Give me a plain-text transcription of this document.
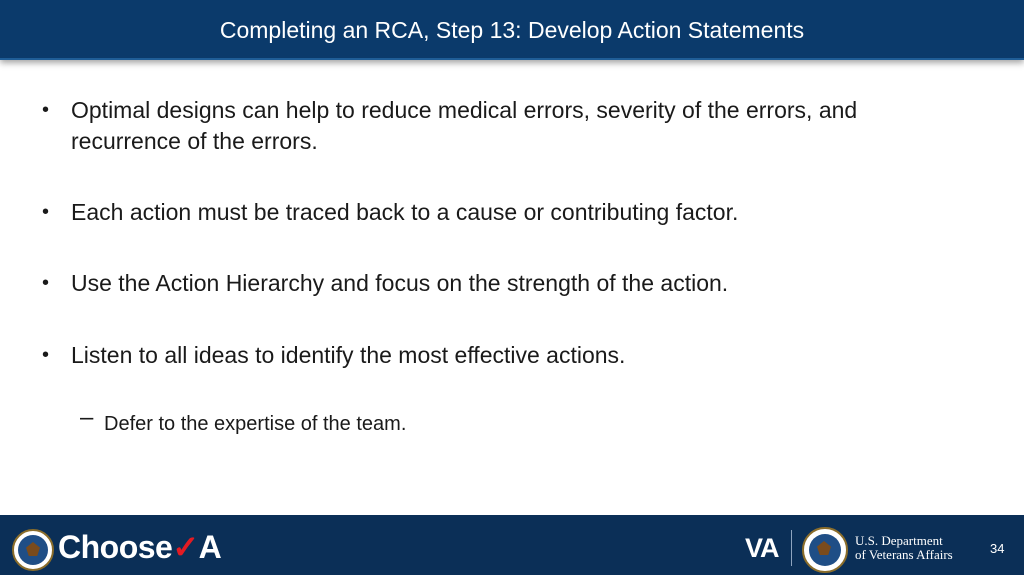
Completing an RCA, Step 13: Develop Action Statements
• Optimal designs can help to reduce medical errors, severity of the errors, and recurrence of the errors.
• Each action must be traced back to a cause or contributing factor.
• Use the Action Hierarchy and focus on the strength of the action.
• Listen to all ideas to identify the most effective actions.
– Defer to the expertise of the team.
Choose✓A	VA	U.S. Department
of Veterans Affairs	34
